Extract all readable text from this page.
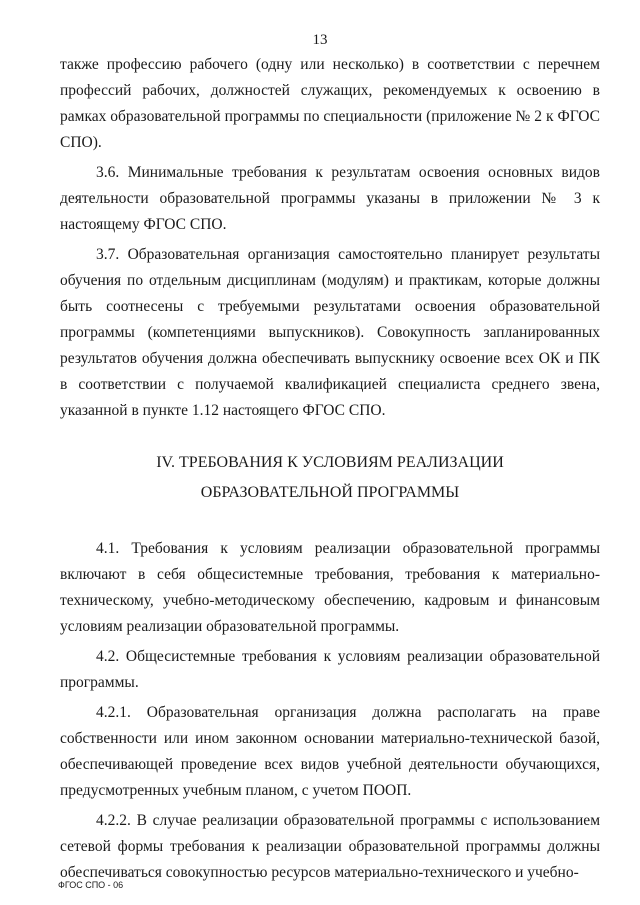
13

также профессию рабочего (одну или несколько) в соответствии с перечнем профессий рабочих, должностей служащих, рекомендуемых к освоению в рамках образовательной программы по специальности (приложение № 2 к ФГОС СПО).

3.6. Минимальные требования к результатам освоения основных видов деятельности образовательной программы указаны в приложении № 3 к настоящему ФГОС СПО.

3.7. Образовательная организация самостоятельно планирует результаты обучения по отдельным дисциплинам (модулям) и практикам, которые должны быть соотнесены с требуемыми результатами освоения образовательной программы (компетенциями выпускников). Совокупность запланированных результатов обучения должна обеспечивать выпускнику освоение всех ОК и ПК в соответствии с получаемой квалификацией специалиста среднего звена, указанной в пункте 1.12 настоящего ФГОС СПО.

IV. ТРЕБОВАНИЯ К УСЛОВИЯМ РЕАЛИЗАЦИИ
ОБРАЗОВАТЕЛЬНОЙ ПРОГРАММЫ

4.1. Требования к условиям реализации образовательной программы включают в себя общесистемные требования, требования к материально-техническому, учебно-методическому обеспечению, кадровым и финансовым условиям реализации образовательной программы.

4.2. Общесистемные требования к условиям реализации образовательной программы.

4.2.1. Образовательная организация должна располагать на праве собственности или ином законном основании материально-технической базой, обеспечивающей проведение всех видов учебной деятельности обучающихся, предусмотренных учебным планом, с учетом ПООП.

4.2.2. В случае реализации образовательной программы с использованием сетевой формы требования к реализации образовательной программы должны обеспечиваться совокупностью ресурсов материально-технического и учебно-

ФГОС СПО - 06
